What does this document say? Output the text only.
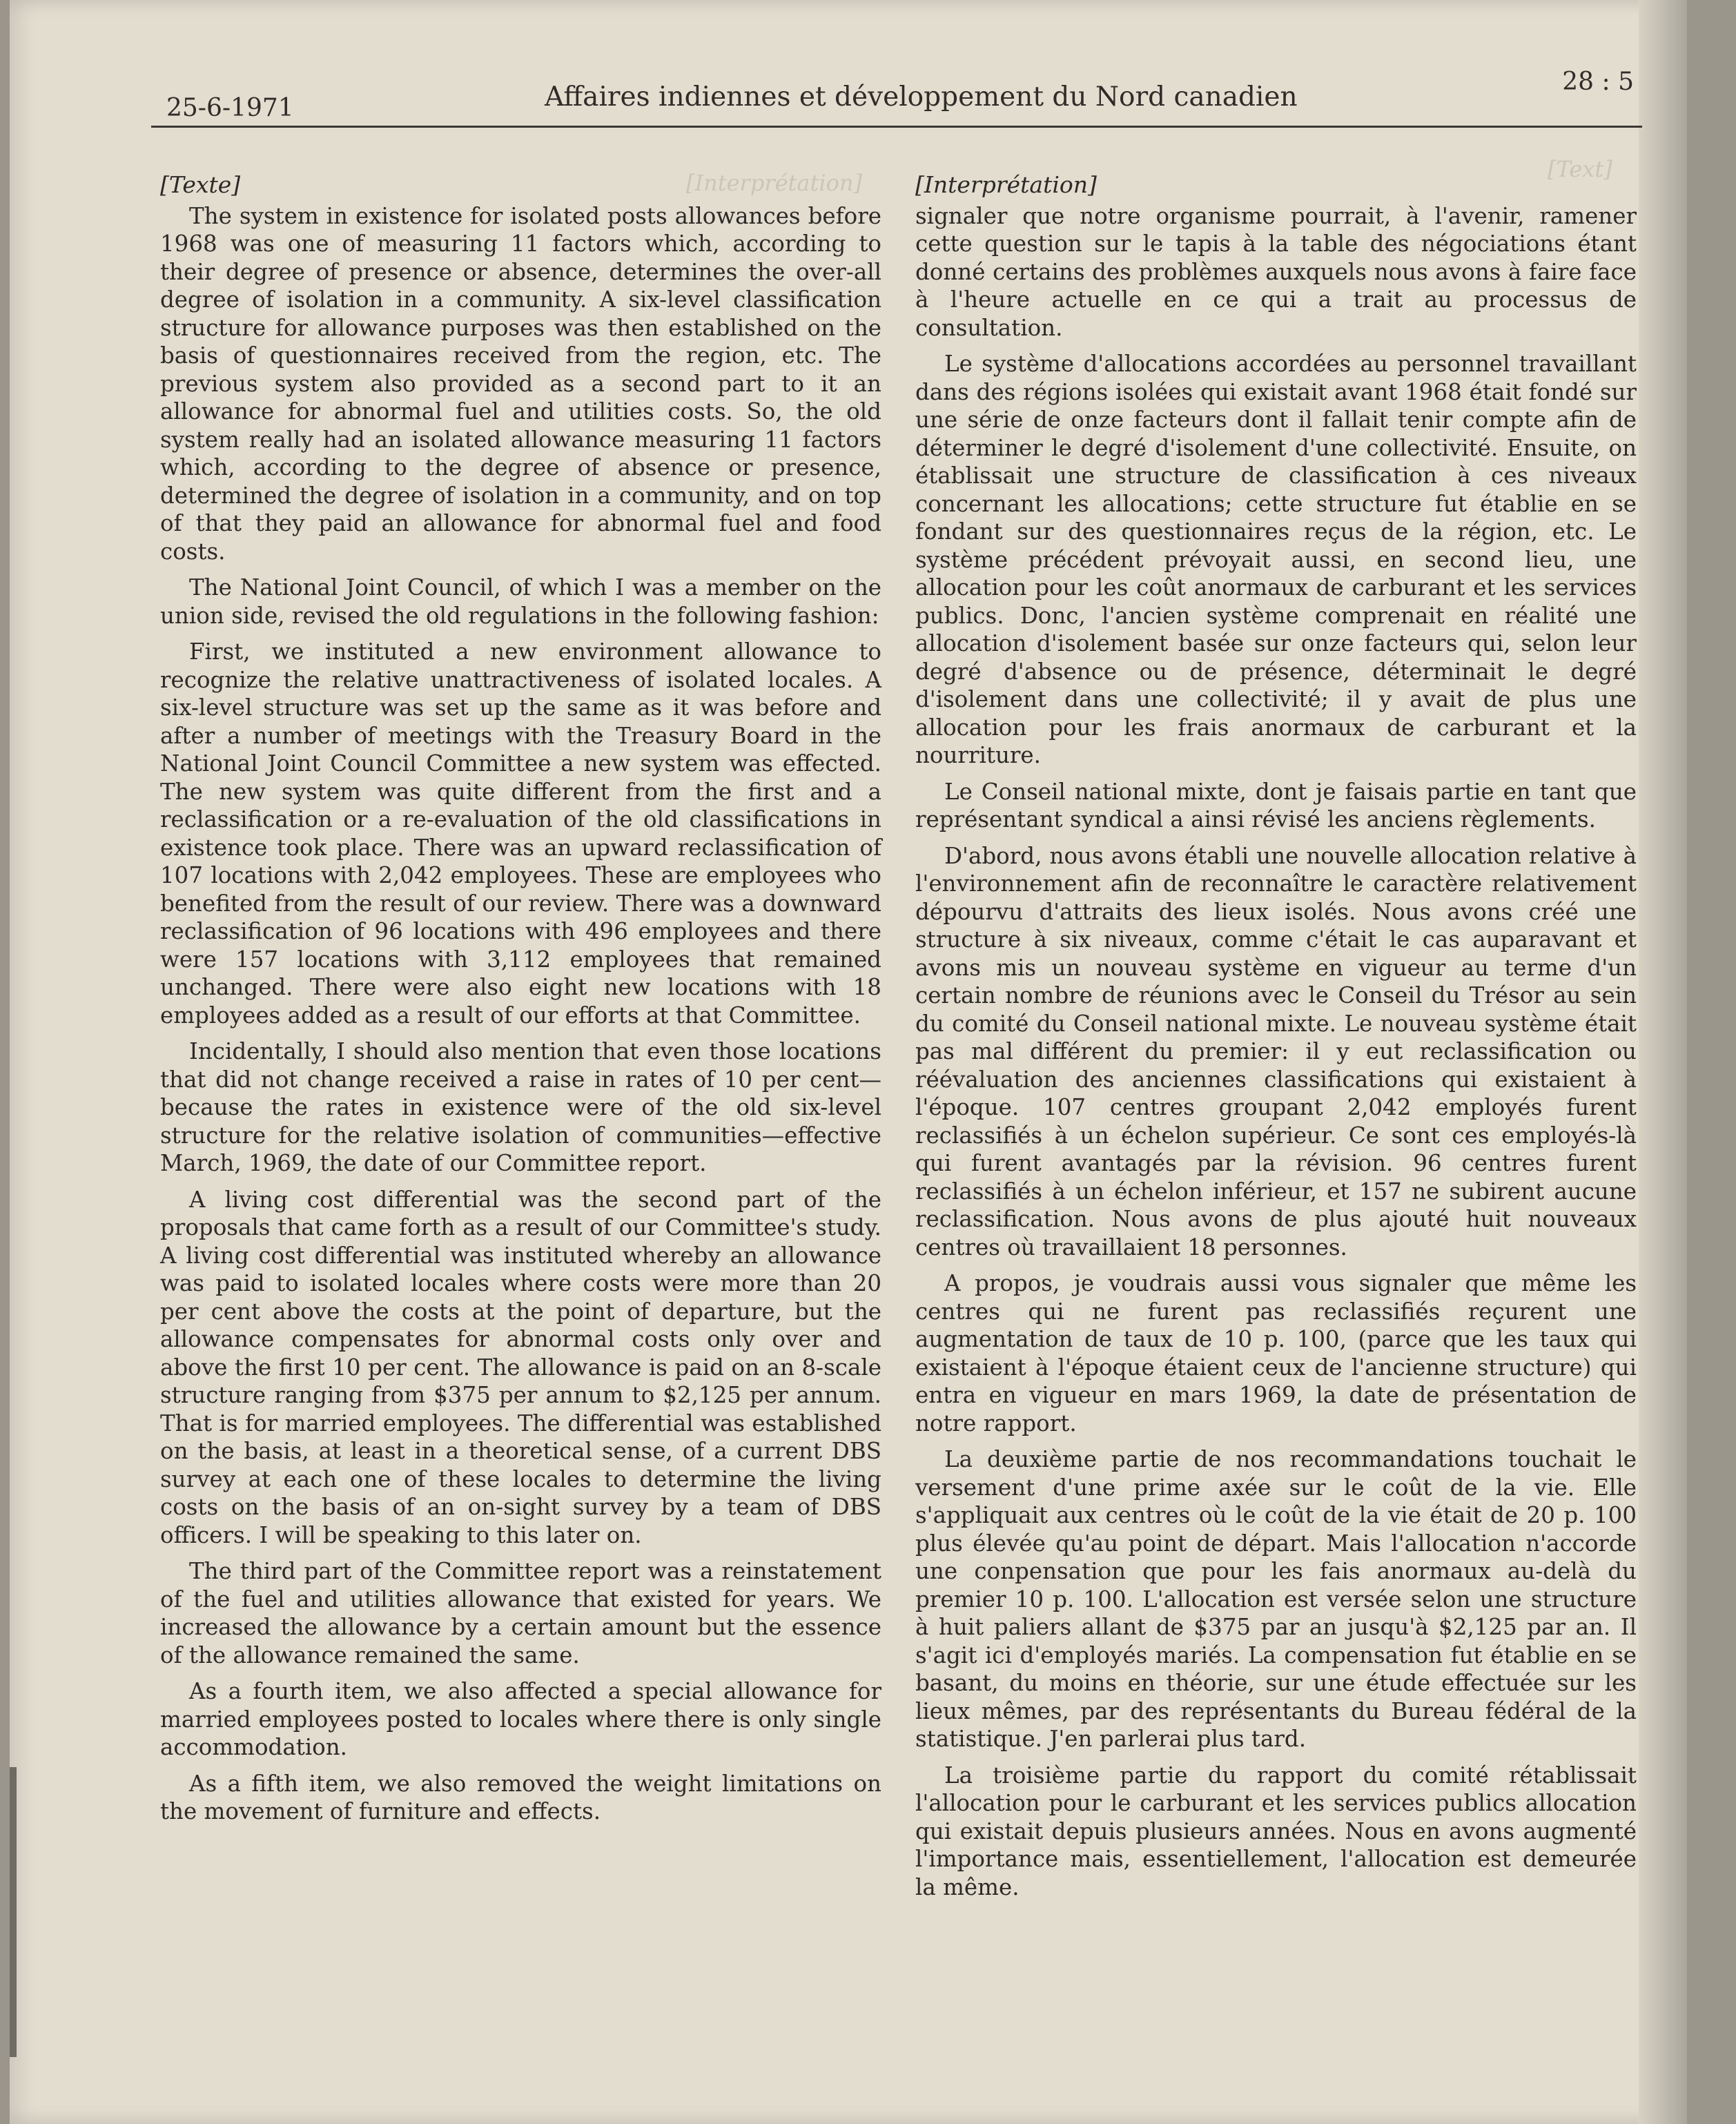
25-6-1971	Affaires indiennes et développement du Nord canadien	28 : 5
[Interprétation]
[Text]
[Texte]

The system in existence for isolated posts allowances before 1968 was one of measuring 11 factors which, according to their degree of presence or absence, determines the over-all degree of isolation in a community. A six-level classification structure for allowance purposes was then established on the basis of questionnaires received from the region, etc. The previous system also provided as a second part to it an allowance for abnormal fuel and utilities costs. So, the old system really had an isolated allowance measuring 11 factors which, according to the degree of absence or presence, determined the degree of isolation in a community, and on top of that they paid an allowance for abnormal fuel and food costs.

The National Joint Council, of which I was a member on the union side, revised the old regulations in the following fashion:

First, we instituted a new environment allowance to recognize the relative unattractiveness of isolated locales. A six-level structure was set up the same as it was before and after a number of meetings with the Treasury Board in the National Joint Council Committee a new system was effected. The new system was quite different from the first and a reclassification or a re-evaluation of the old classifications in existence took place. There was an upward reclassification of 107 locations with 2,042 employees. These are employees who benefited from the result of our review. There was a downward reclassification of 96 locations with 496 employees and there were 157 locations with 3,112 employees that remained unchanged. There were also eight new locations with 18 employees added as a result of our efforts at that Committee.

Incidentally, I should also mention that even those locations that did not change received a raise in rates of 10 per cent—because the rates in existence were of the old six-level structure for the relative isolation of communities—effective March, 1969, the date of our Committee report.

A living cost differential was the second part of the proposals that came forth as a result of our Committee's study. A living cost differential was instituted whereby an allowance was paid to isolated locales where costs were more than 20 per cent above the costs at the point of departure, but the allowance compensates for abnormal costs only over and above the first 10 per cent. The allowance is paid on an 8-scale structure ranging from $375 per annum to $2,125 per annum. That is for married employees. The differential was established on the basis, at least in a theoretical sense, of a current DBS survey at each one of these locales to determine the living costs on the basis of an on-sight survey by a team of DBS officers. I will be speaking to this later on.

The third part of the Committee report was a reinstatement of the fuel and utilities allowance that existed for years. We increased the allowance by a certain amount but the essence of the allowance remained the same.

As a fourth item, we also affected a special allowance for married employees posted to locales where there is only single accommodation.

As a fifth item, we also removed the weight limitations on the movement of furniture and effects.

[Interprétation]

signaler que notre organisme pourrait, à l'avenir, ramener cette question sur le tapis à la table des négociations étant donné certains des problèmes auxquels nous avons à faire face à l'heure actuelle en ce qui a trait au processus de consultation.

Le système d'allocations accordées au personnel travaillant dans des régions isolées qui existait avant 1968 était fondé sur une série de onze facteurs dont il fallait tenir compte afin de déterminer le degré d'isolement d'une collectivité. Ensuite, on établissait une structure de classification à ces niveaux concernant les allocations; cette structure fut établie en se fondant sur des questionnaires reçus de la région, etc. Le système précédent prévoyait aussi, en second lieu, une allocation pour les coût anormaux de carburant et les services publics. Donc, l'ancien système comprenait en réalité une allocation d'isolement basée sur onze facteurs qui, selon leur degré d'absence ou de présence, déterminait le degré d'isolement dans une collectivité; il y avait de plus une allocation pour les frais anormaux de carburant et la nourriture.

Le Conseil national mixte, dont je faisais partie en tant que représentant syndical a ainsi révisé les anciens règlements.

D'abord, nous avons établi une nouvelle allocation relative à l'environnement afin de reconnaître le caractère relativement dépourvu d'attraits des lieux isolés. Nous avons créé une structure à six niveaux, comme c'était le cas auparavant et avons mis un nouveau système en vigueur au terme d'un certain nombre de réunions avec le Conseil du Trésor au sein du comité du Conseil national mixte. Le nouveau système était pas mal différent du premier: il y eut reclassification ou réévaluation des anciennes classifications qui existaient à l'époque. 107 centres groupant 2,042 employés furent reclassifiés à un échelon supérieur. Ce sont ces employés-là qui furent avantagés par la révision. 96 centres furent reclassifiés à un échelon inférieur, et 157 ne subirent aucune reclassification. Nous avons de plus ajouté huit nouveaux centres où travaillaient 18 personnes.

A propos, je voudrais aussi vous signaler que même les centres qui ne furent pas reclassifiés reçurent une augmentation de taux de 10 p. 100, (parce que les taux qui existaient à l'époque étaient ceux de l'ancienne structure) qui entra en vigueur en mars 1969, la date de présentation de notre rapport.

La deuxième partie de nos recommandations touchait le versement d'une prime axée sur le coût de la vie. Elle s'appliquait aux centres où le coût de la vie était de 20 p. 100 plus élevée qu'au point de départ. Mais l'allocation n'accorde une conpensation que pour les fais anormaux au-delà du premier 10 p. 100. L'allocation est versée selon une structure à huit paliers allant de $375 par an jusqu'à $2,125 par an. Il s'agit ici d'employés mariés. La compensation fut établie en se basant, du moins en théorie, sur une étude effectuée sur les lieux mêmes, par des représentants du Bureau fédéral de la statistique. J'en parlerai plus tard.

La troisième partie du rapport du comité rétablissait l'allocation pour le carburant et les services publics allocation qui existait depuis plusieurs années. Nous en avons augmenté l'importance mais, essentiellement, l'allocation est demeurée la même.
